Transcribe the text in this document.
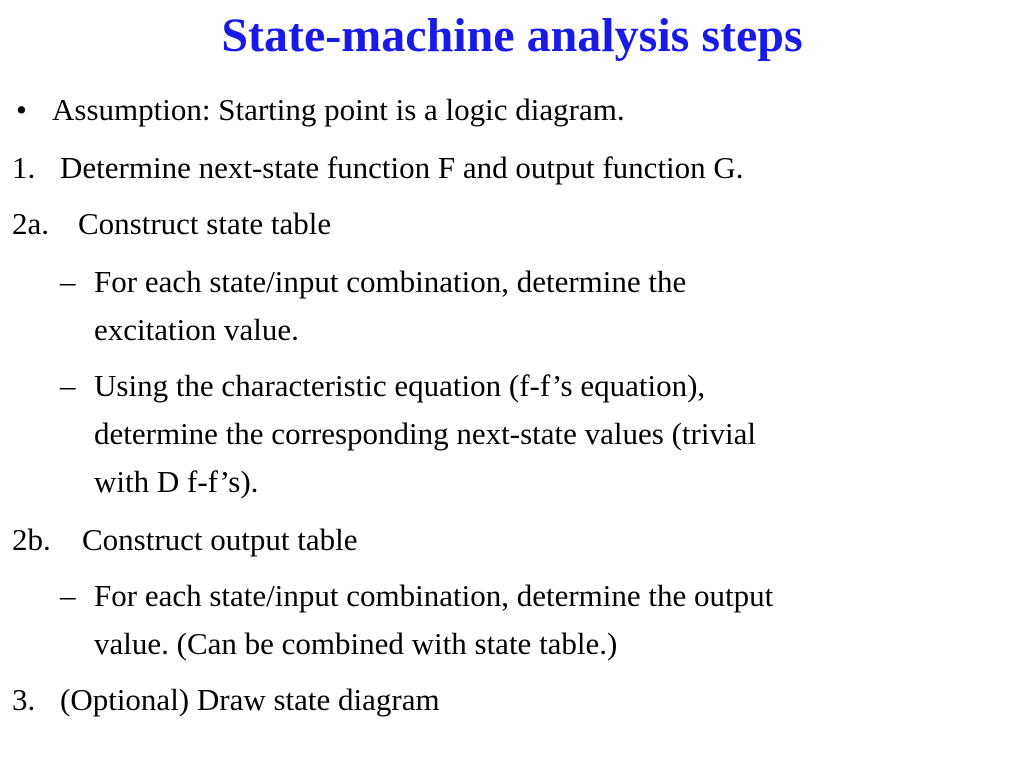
State-machine analysis steps
• Assumption: Starting point is a logic diagram.
1. Determine next-state function F and output function G.
2a. Construct state table
– For each state/input combination, determine the
excitation value.
– Using the characteristic equation (f-f’s equation),
determine the corresponding next-state values (trivial
with D f-f’s).
2b. Construct output table
– For each state/input combination, determine the output
value. (Can be combined with state table.)
3. (Optional) Draw state diagram
